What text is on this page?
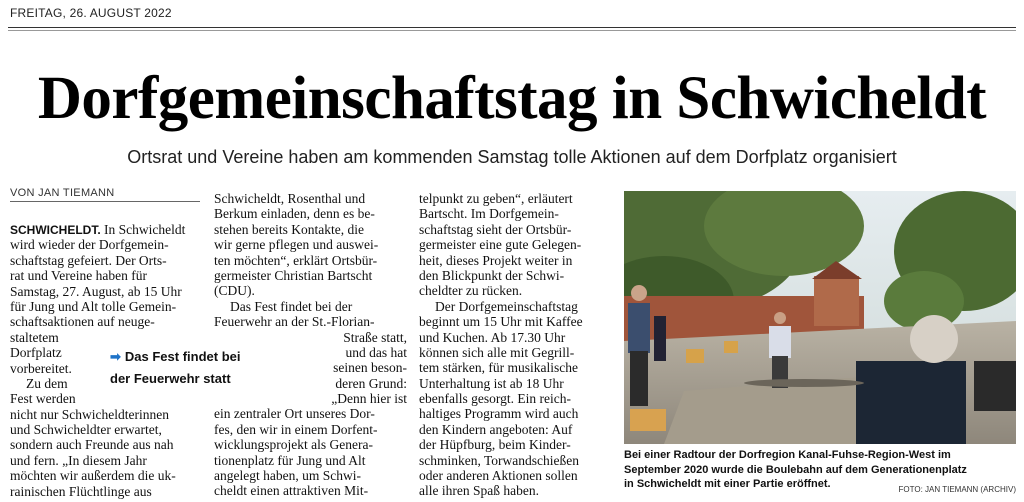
FREITAG, 26. AUGUST 2022
Dorfgemeinschaftstag in Schwicheldt
Ortsrat und Vereine haben am kommenden Samstag tolle Aktionen auf dem Dorfplatz organisiert
VON JAN TIEMANN
SCHWICHELDT. In Schwicheldt
wird wieder der Dorfgemein-
schaftstag gefeiert. Der Orts-
rat und Vereine haben für
Samstag, 27. August, ab 15 Uhr
für Jung und Alt tolle Gemein-
schaftsaktionen auf neuge-
staltetem
Dorfplatz
vorbereitet.
Zu dem
Fest werden
nicht nur Schwicheldterinnen
und Schwicheldter erwartet,
sondern auch Freunde aus nah
und fern. „In diesem Jahr
möchten wir außerdem die uk-
rainischen Flüchtlinge aus
➡ Das Fest findet bei
der Feuerwehr statt
Schwicheldt, Rosenthal und
Berkum einladen, denn es be-
stehen bereits Kontakte, die
wir gerne pflegen und auswei-
ten möchten“, erklärt Ortsbür-
germeister Christian Bartscht
(CDU).
Das Fest findet bei der
Feuerwehr an der St.-Florian-
Straße statt,
und das hat
seinen beson-
deren Grund:
„Denn hier ist
ein zentraler Ort unseres Dor-
fes, den wir in einem Dorfent-
wicklungsprojekt als Genera-
tionenplatz für Jung und Alt
angelegt haben, um Schwi-
cheldt einen attraktiven Mit-
telpunkt zu geben“, erläutert
Bartscht. Im Dorfgemein-
schaftstag sieht der Ortsbür-
germeister eine gute Gelegen-
heit, dieses Projekt weiter in
den Blickpunkt der Schwi-
cheldter zu rücken.
Der Dorfgemeinschaftstag
beginnt um 15 Uhr mit Kaffee
und Kuchen. Ab 17.30 Uhr
können sich alle mit Gegrill-
tem stärken, für musikalische
Unterhaltung ist ab 18 Uhr
ebenfalls gesorgt. Ein reich-
haltiges Programm wird auch
den Kindern angeboten: Auf
der Hüpfburg, beim Kinder-
schminken, Torwandschießen
oder anderen Aktionen sollen
alle ihren Spaß haben.
Bei einer Radtour der Dorfregion Kanal-Fuhse-Region-West im
September 2020 wurde die Boulebahn auf dem Generationenplatz
in Schwicheldt mit einer Partie eröffnet.	FOTO: JAN TIEMANN (ARCHIV)
